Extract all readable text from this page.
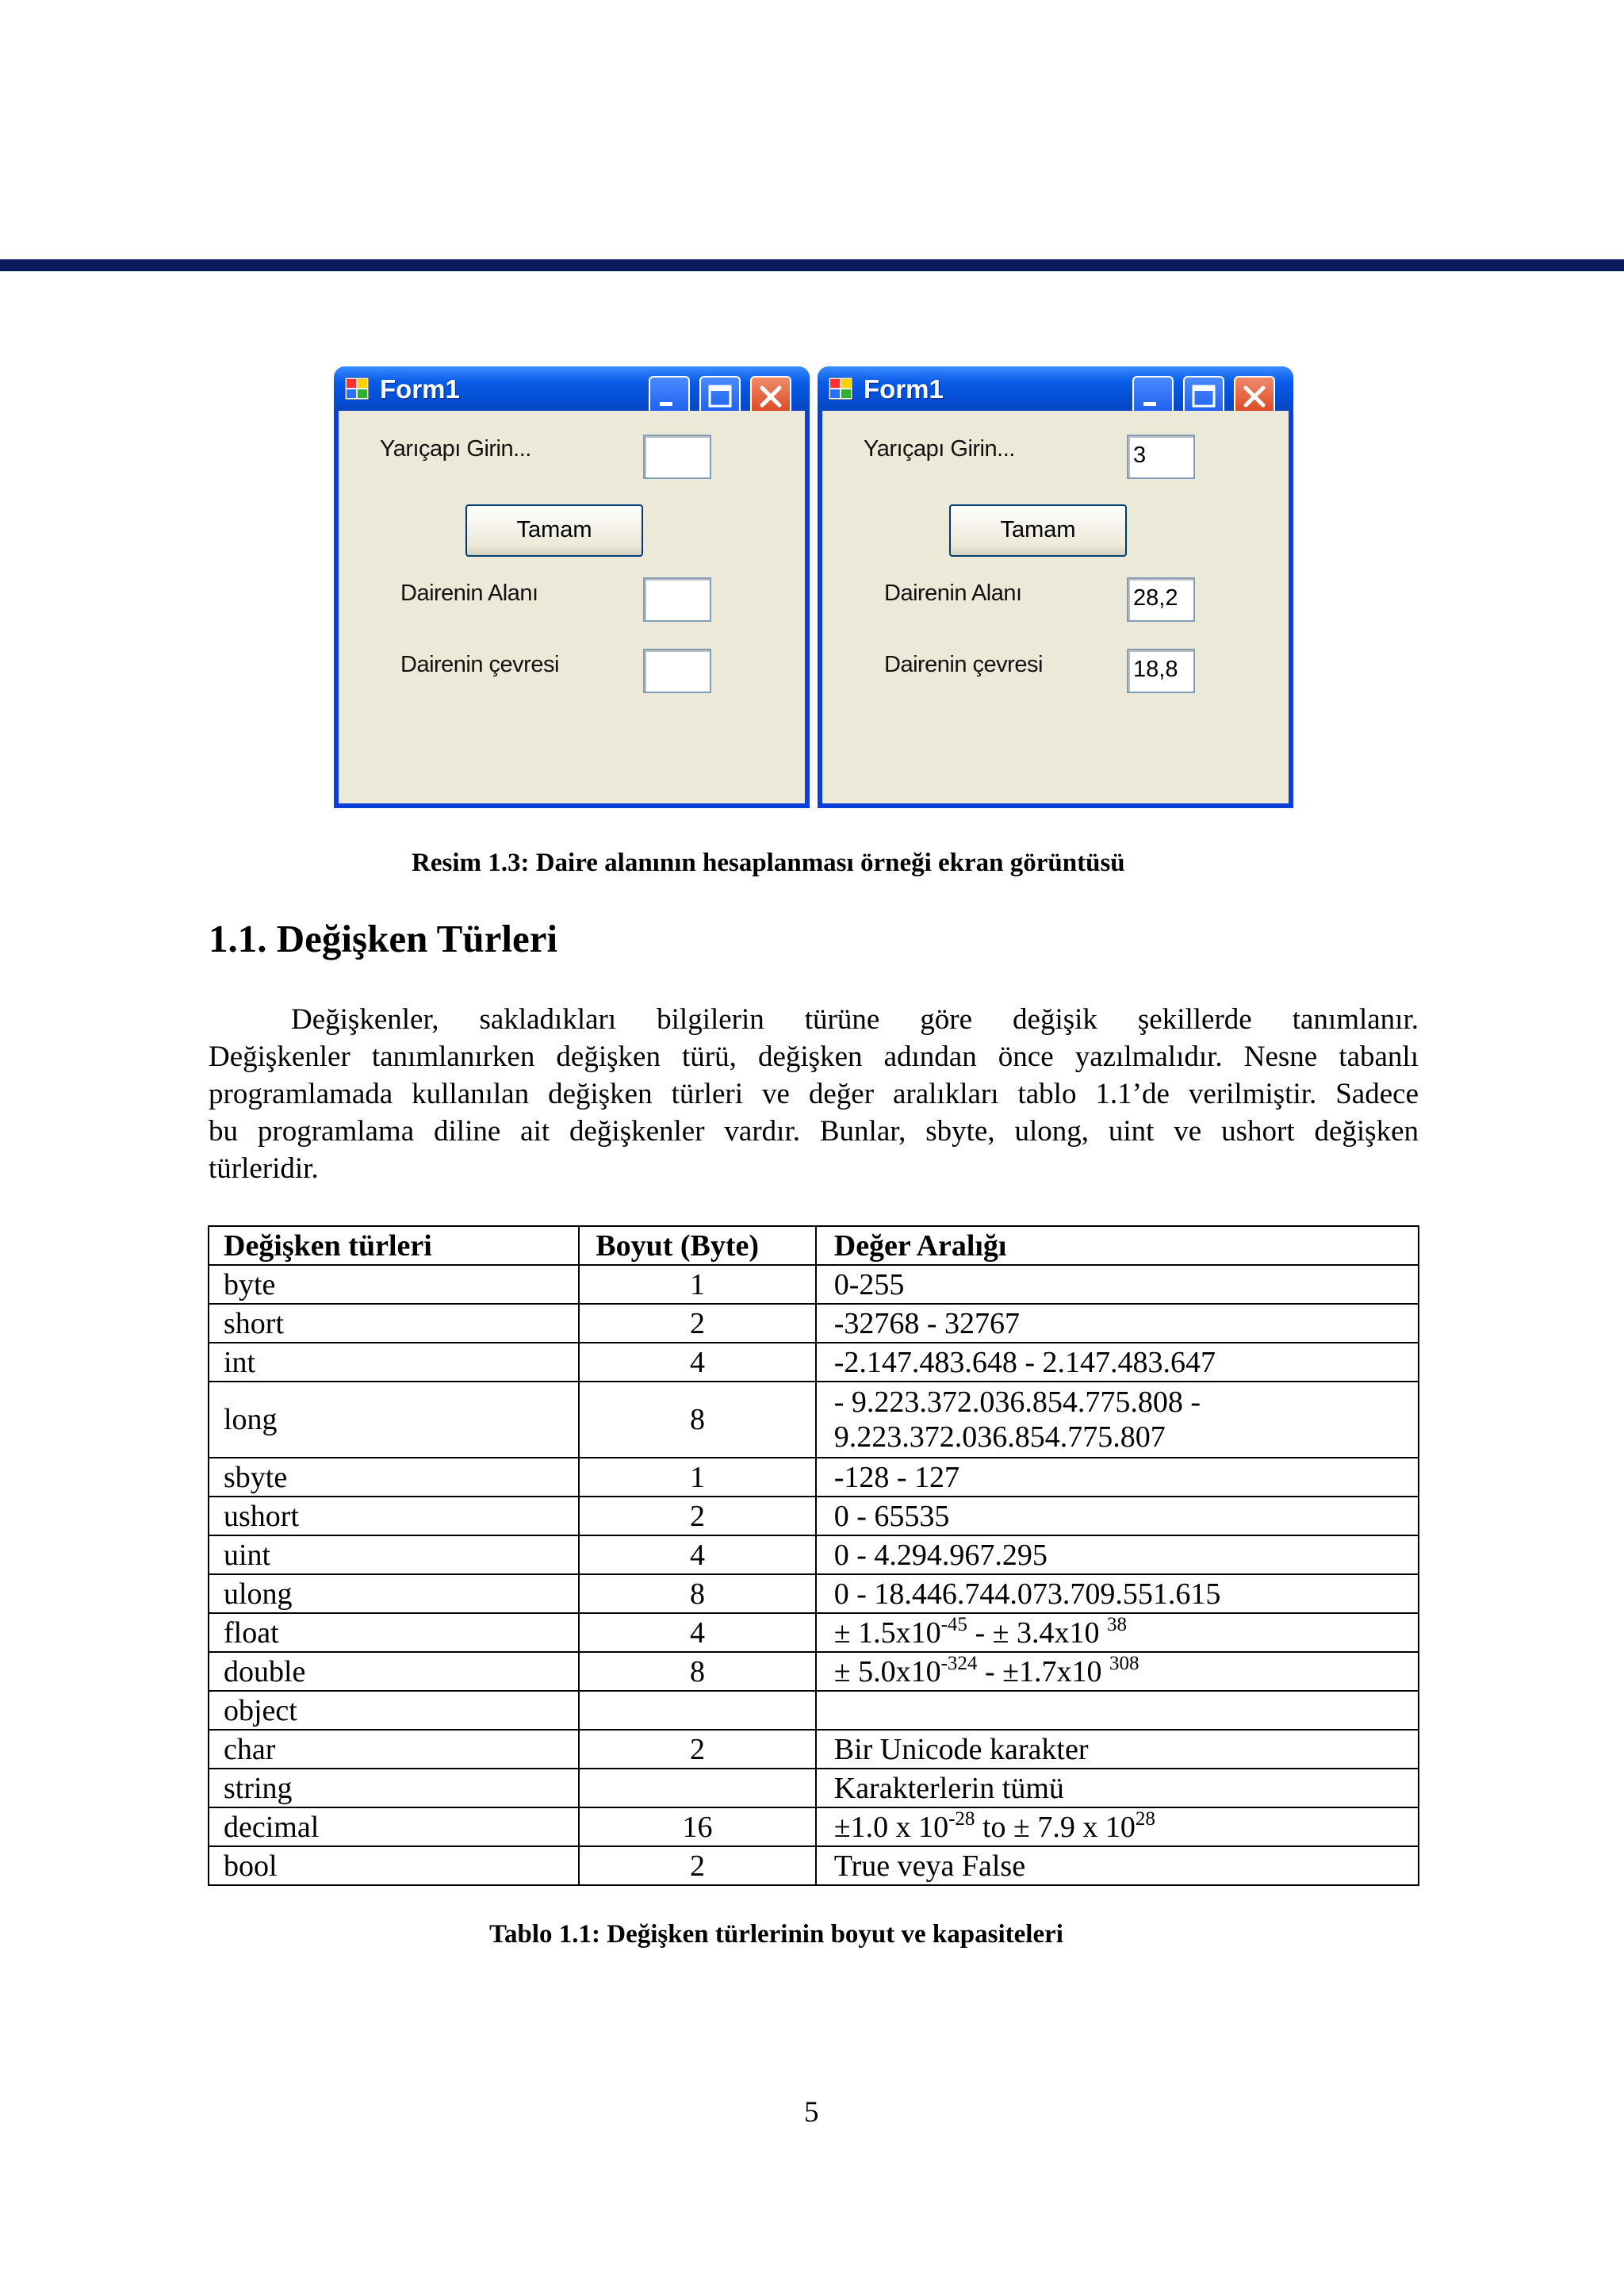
Form1
Yarıçapı Girin...
Tamam
Dairenin Alanı
Dairenin çevresi
Form1
Yarıçapı Girin...	3
Tamam
Dairenin Alanı	28,2
Dairenin çevresi	18,8
Resim 1.3: Daire alanının hesaplanması örneği ekran görüntüsü
1.1. Değişken Türleri

Değişkenler, sakladıkları bilgilerin türüne göre değişik şekillerde tanımlanır.

Değişkenler tanımlanırken değişken türü, değişken adından önce yazılmalıdır. Nesne tabanlı

programlamada kullanılan değişken türleri ve değer aralıkları tablo 1.1’de verilmiştir. Sadece

bu programlama diline ait değişkenler vardır. Bunlar, sbyte, ulong, uint ve ushort değişken

türleridir.

Değişken türleri	Boyut (Byte)	Değer Aralığı
byte	1	0-255
short	2	-32768 - 32767
int	4	-2.147.483.648 - 2.147.483.647
long	8	- 9.223.372.036.854.775.808 -
9.223.372.036.854.775.807
sbyte	1	-128 - 127
ushort	2	0 - 65535
uint	4	0 - 4.294.967.295
ulong	8	0 - 18.446.744.073.709.551.615
float	4	± $1.5x10^{-45}$ - ± 3.4x10 $^{38}$
double	8	± $5.0x10^{-324} - \pm 1.7x10$ $^{308}$
object		
char	2	Bir Unicode karakter
string		Karakterlerin tümü
decimal	16	±1.0 x $10^{-28}$ to ± 7.9 x $10^{28}$
bool	2	True veya False
Tablo 1.1: Değişken türlerinin boyut ve kapasiteleri
5
